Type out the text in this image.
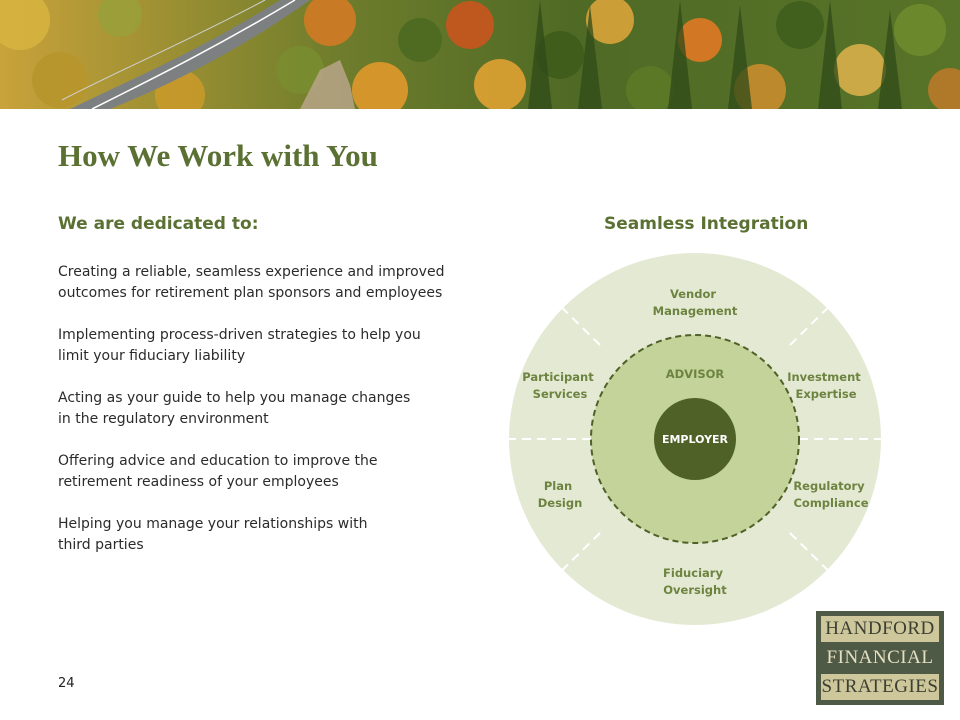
How We Work with You
We are dedicated to:
Creating a reliable, seamless experience and improved
outcomes for retirement plan sponsors and employees
Implementing process-driven strategies to help you
limit your fiduciary liability
Acting as your guide to help you manage changes
in the regulatory environment
Offering advice and education to improve the
retirement readiness of your employees
Helping you manage your relationships with
third parties
Seamless Integration
EMPLOYER
ADVISOR
Vendor Management
Investment Expertise
Regulatory Compliance
Fiduciary Oversight
Plan Design
Participant Services
24
HANDFORD
FINANCIAL
STRATEGIES
